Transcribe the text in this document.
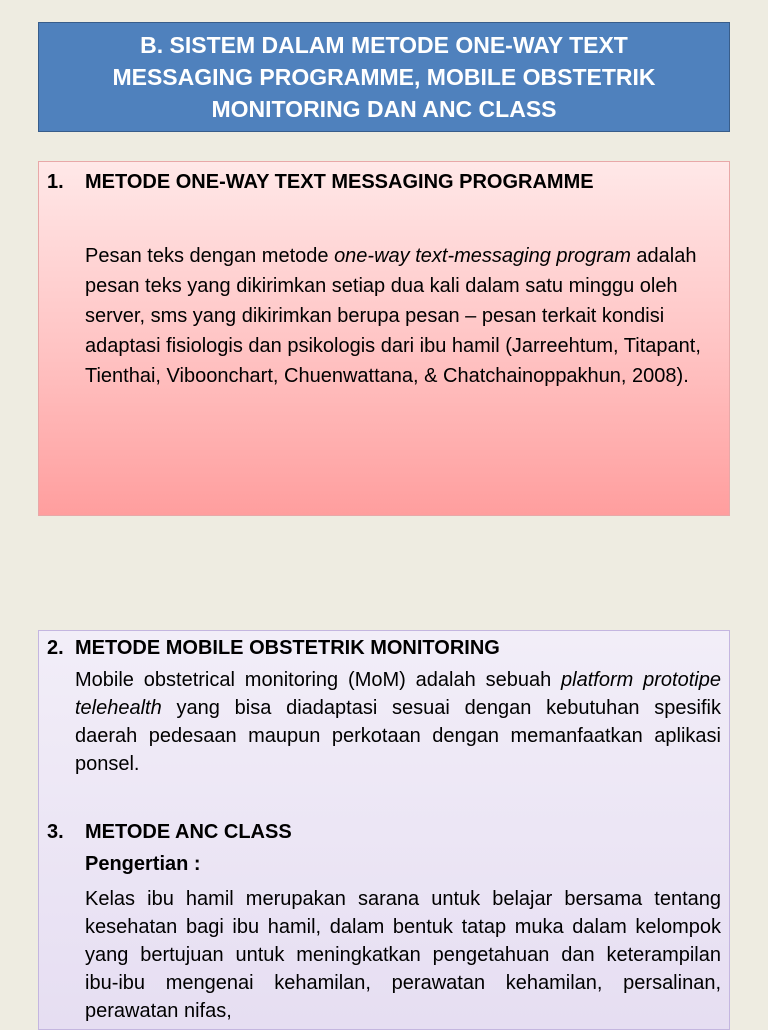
B. SISTEM DALAM METODE ONE-WAY TEXT MESSAGING PROGRAMME, MOBILE OBSTETRIK MONITORING DAN ANC CLASS
1. METODE ONE-WAY TEXT MESSAGING PROGRAMME
Pesan teks dengan metode one-way text-messaging program adalah pesan teks yang dikirimkan setiap dua kali dalam satu minggu oleh server, sms yang dikirimkan berupa pesan – pesan terkait kondisi adaptasi fisiologis dan psikologis dari ibu hamil (Jarreehtum, Titapant, Tienthai, Viboonchart, Chuenwattana, & Chatchainoppakhun, 2008).
2. METODE MOBILE OBSTETRIK MONITORING
Mobile obstetrical monitoring (MoM) adalah sebuah platform prototipe telehealth yang bisa diadaptasi sesuai dengan kebutuhan spesifik daerah pedesaan maupun perkotaan dengan memanfaatkan aplikasi ponsel.
3. METODE ANC CLASS
Pengertian :
Kelas ibu hamil merupakan sarana untuk belajar bersama tentang kesehatan bagi ibu hamil, dalam bentuk tatap muka dalam kelompok yang bertujuan untuk meningkatkan pengetahuan dan keterampilan ibu-ibu mengenai kehamilan, perawatan kehamilan, persalinan, perawatan nifas,
